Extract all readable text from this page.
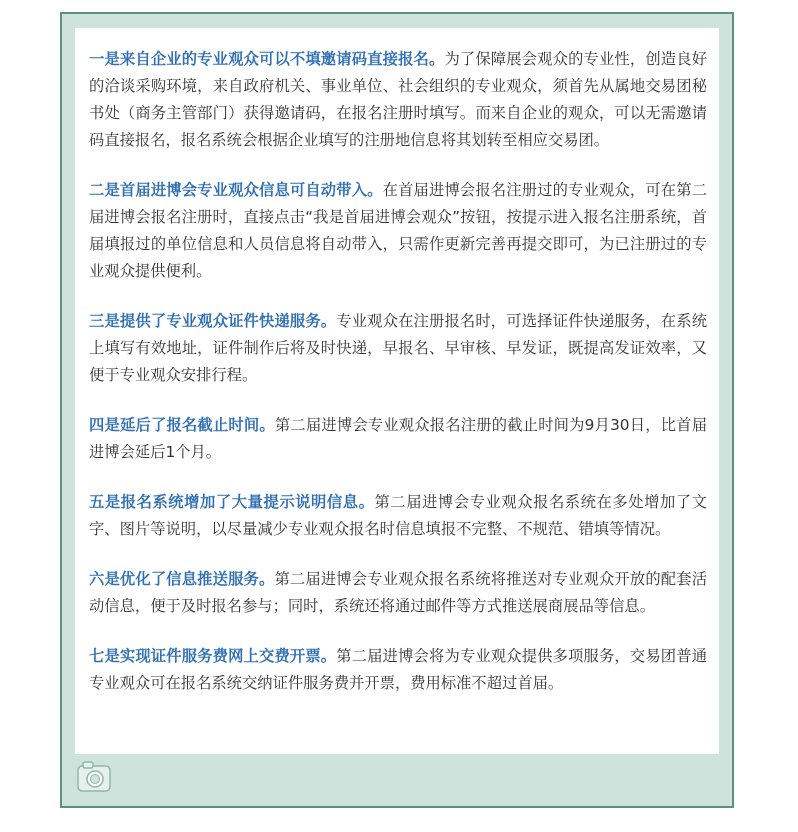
一是来自企业的专业观众可以不填邀请码直接报名。为了保障展会观众的专业性，创造良好的洽谈采购环境，来自政府机关、事业单位、社会组织的专业观众，须首先从属地交易团秘书处（商务主管部门）获得邀请码，在报名注册时填写。而来自企业的观众，可以无需邀请码直接报名，报名系统会根据企业填写的注册地信息将其划转至相应交易团。

二是首届进博会专业观众信息可自动带入。在首届进博会报名注册过的专业观众，可在第二届进博会报名注册时，直接点击“我是首届进博会观众”按钮，按提示进入报名注册系统，首届填报过的单位信息和人员信息将自动带入，只需作更新完善再提交即可，为已注册过的专业观众提供便利。

三是提供了专业观众证件快递服务。专业观众在注册报名时，可选择证件快递服务，在系统上填写有效地址，证件制作后将及时快递，早报名、早审核、早发证，既提高发证效率，又便于专业观众安排行程。

四是延后了报名截止时间。第二届进博会专业观众报名注册的截止时间为9月30日，比首届进博会延后1个月。

五是报名系统增加了大量提示说明信息。第二届进博会专业观众报名系统在多处增加了文字、图片等说明，以尽量减少专业观众报名时信息填报不完整、不规范、错填等情况。

六是优化了信息推送服务。第二届进博会专业观众报名系统将推送对专业观众开放的配套活动信息，便于及时报名参与；同时，系统还将通过邮件等方式推送展商展品等信息。

七是实现证件服务费网上交费开票。第二届进博会将为专业观众提供多项服务，交易团普通专业观众可在报名系统交纳证件服务费并开票，费用标准不超过首届。
